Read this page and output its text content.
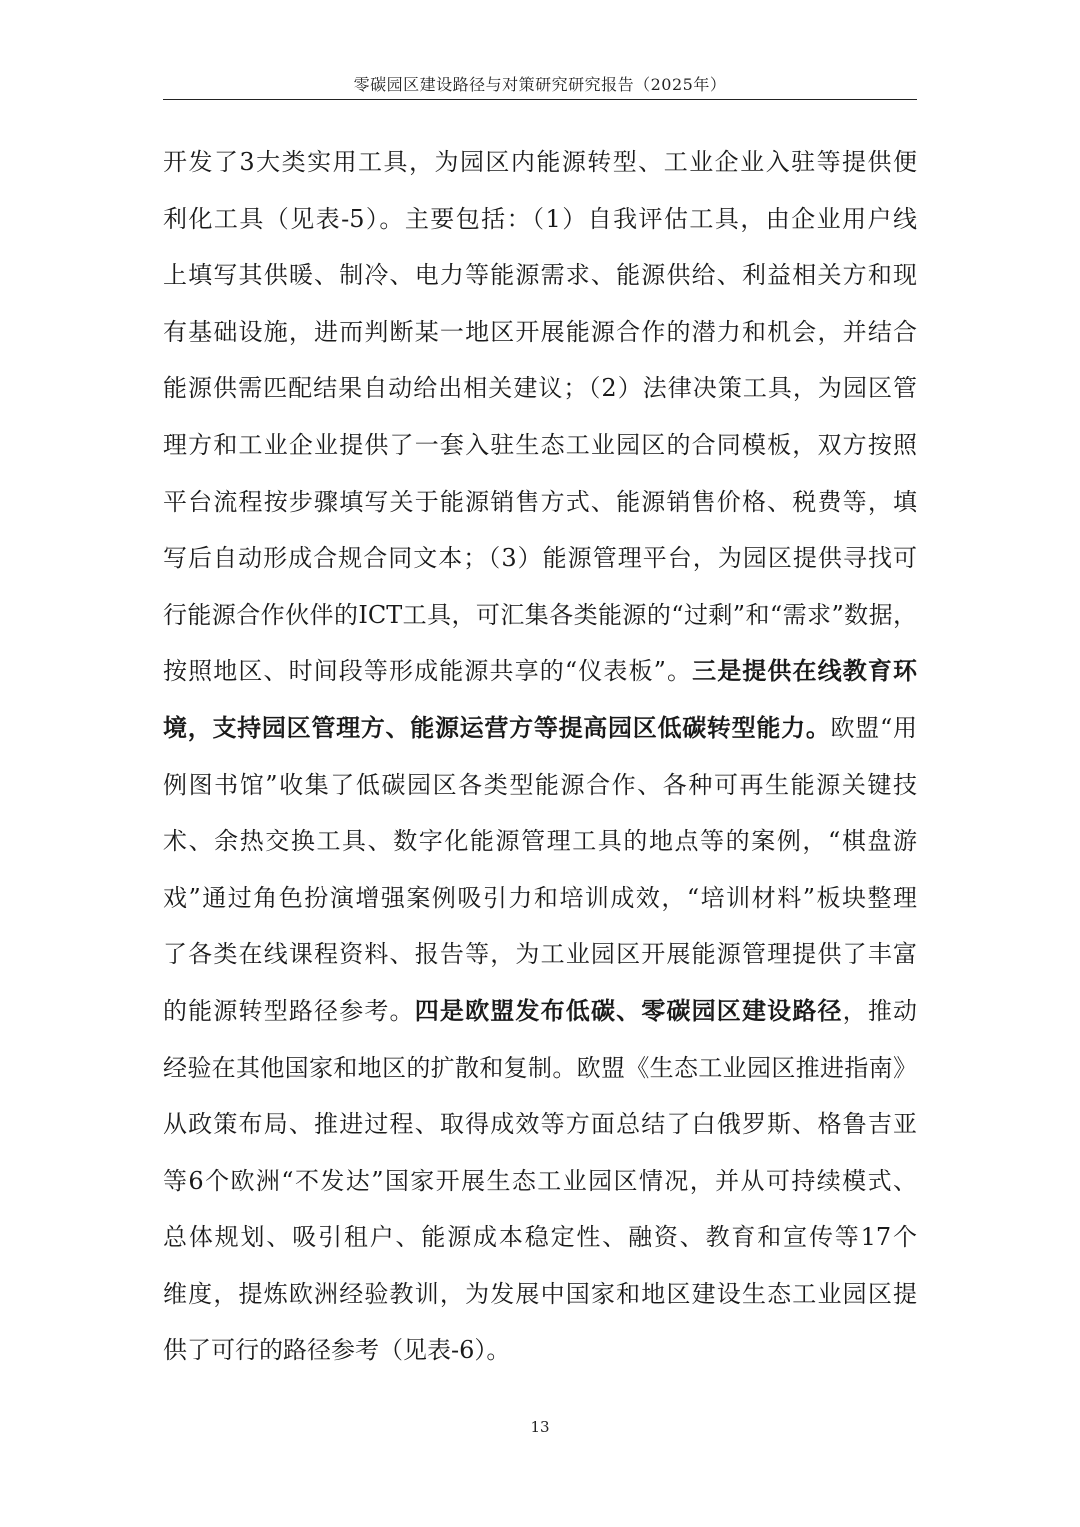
零碳园区建设路径与对策研究研究报告（2025年）
开发了3大类实用工具，为园区内能源转型、工业企业入驻等提供便
利化工具（见表-5）。主要包括：（1）自我评估工具，由企业用户线
上填写其供暖、制冷、电力等能源需求、能源供给、利益相关方和现
有基础设施，进而判断某一地区开展能源合作的潜力和机会，并结合
能源供需匹配结果自动给出相关建议；（2）法律决策工具，为园区管
理方和工业企业提供了一套入驻生态工业园区的合同模板，双方按照
平台流程按步骤填写关于能源销售方式、能源销售价格、税费等，填
写后自动形成合规合同文本；（3）能源管理平台，为园区提供寻找可
行能源合作伙伴的ICT工具，可汇集各类能源的“过剩”和“需求”数据，
按照地区、时间段等形成能源共享的“仪表板”。三是提供在线教育环
境，支持园区管理方、能源运营方等提高园区低碳转型能力。欧盟“用
例图书馆”收集了低碳园区各类型能源合作、各种可再生能源关键技
术、余热交换工具、数字化能源管理工具的地点等的案例，“棋盘游
戏”通过角色扮演增强案例吸引力和培训成效，“培训材料”板块整理
了各类在线课程资料、报告等，为工业园区开展能源管理提供了丰富
的能源转型路径参考。四是欧盟发布低碳、零碳园区建设路径，推动
经验在其他国家和地区的扩散和复制。欧盟《生态工业园区推进指南》
从政策布局、推进过程、取得成效等方面总结了白俄罗斯、格鲁吉亚
等6个欧洲“不发达”国家开展生态工业园区情况，并从可持续模式、
总体规划、吸引租户、能源成本稳定性、融资、教育和宣传等17个
维度，提炼欧洲经验教训，为发展中国家和地区建设生态工业园区提
供了可行的路径参考（见表-6）。
13
